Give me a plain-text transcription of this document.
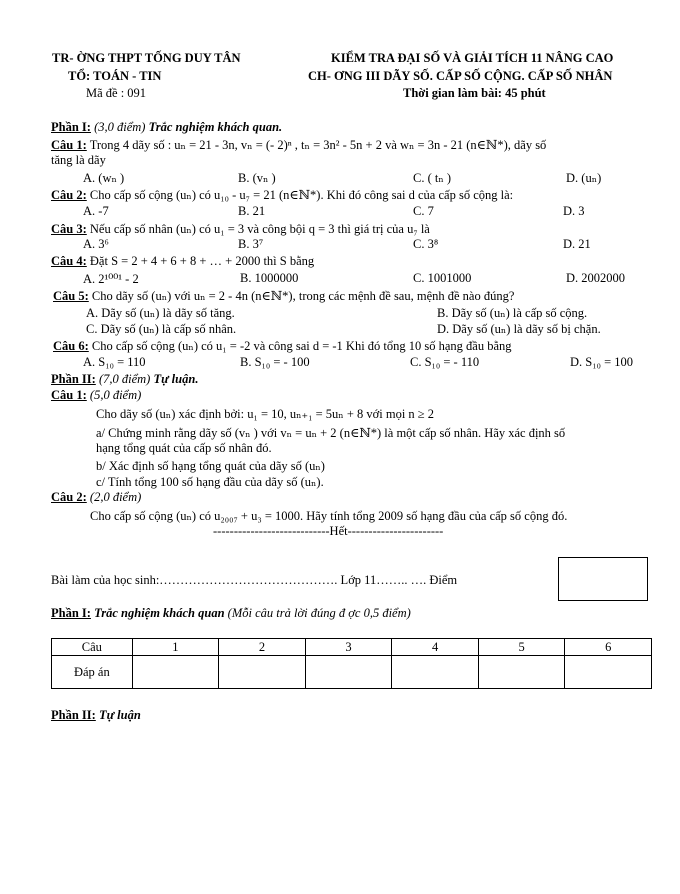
TR- ỜNG THPT TỐNG DUY TÂN
TỔ: TOÁN - TIN
Mã đề : 091
KIỂM TRA ĐẠI SỐ VÀ GIẢI TÍCH 11 NÂNG CAO
CH- ƠNG III DÃY SỐ. CẤP SỐ CỘNG. CẤP SỐ NHÂN
Thời gian làm bài: 45 phút
Phần I: (3,0 điểm) Trắc nghiệm khách quan.
Câu 1: Trong 4 dãy số : uₙ = 21 - 3n, vₙ = (- 2)ⁿ , tₙ = 3n² - 5n + 2 và wₙ = 3n - 21 (n∈ℕ*), dãy số
tăng là dãy
A. (wₙ )	B. (vₙ )	C. ( tₙ )	D. (uₙ)
Câu 2: Cho cấp số cộng (uₙ) có u₁₀ - u₇ = 21 (n∈ℕ*). Khi đó công sai d của cấp số cộng là:
A. -7	B. 21	C. 7	D. 3
Câu 3: Nếu cấp số nhân (uₙ) có u₁ = 3 và công bội q = 3 thì giá trị của u₇ là
A. 3⁶	B. 3⁷	C. 3⁸	D. 21
Câu 4: Đặt S = 2 + 4 + 6 + 8 + … + 2000 thì S bằng
A. 2¹⁰⁰¹ - 2	B. 1000000	C. 1001000	D. 2002000
Câu 5: Cho dãy số (uₙ) với uₙ = 2 - 4n (n∈ℕ*), trong các mệnh đề sau, mệnh đề nào đúng?
A. Dãy số (uₙ) là dãy số tăng.	B. Dãy số (uₙ) là cấp số cộng.
C. Dãy số (uₙ) là cấp số nhân.	D. Dãy số (uₙ) là dãy số bị chặn.
Câu 6: Cho cấp số cộng (uₙ) có u₁ = -2 và công sai d = -1 Khi đó tổng 10 số hạng đầu bằng
A. S₁₀ = 110	B. S₁₀ = - 100	C. S₁₀ = - 110	D. S₁₀ = 100
Phần II: (7,0 điểm) Tự luận.
Câu 1: (5,0 điểm)
Cho dãy số (uₙ) xác định bởi: u₁ = 10, uₙ₊₁ = 5uₙ + 8 với mọi n ≥ 2
a/ Chứng minh rằng dãy số (vₙ ) với vₙ = uₙ + 2 (n∈ℕ*) là một cấp số nhân. Hãy xác định số
hạng tổng quát của cấp số nhân đó.
b/ Xác định số hạng tổng quát của dãy số (uₙ)
c/ Tính tổng 100 số hạng đầu của dãy số (uₙ).
Câu 2: (2,0 điểm)
Cho cấp số cộng (uₙ) có u₂₀₀₇ + u₃ = 1000. Hãy tính tổng 2009 số hạng đầu của cấp số cộng đó.
----------------------------Hết-----------------------
Bài làm của học sinh:……………………………………. Lớp 11…….. …. Điểm
Phần I: Trắc nghiệm khách quan (Mỗi câu trả lời đúng đ ợc 0,5 điểm)
Câu	1	2	3	4	5	6
Đáp án						
Phần II: Tự luận
